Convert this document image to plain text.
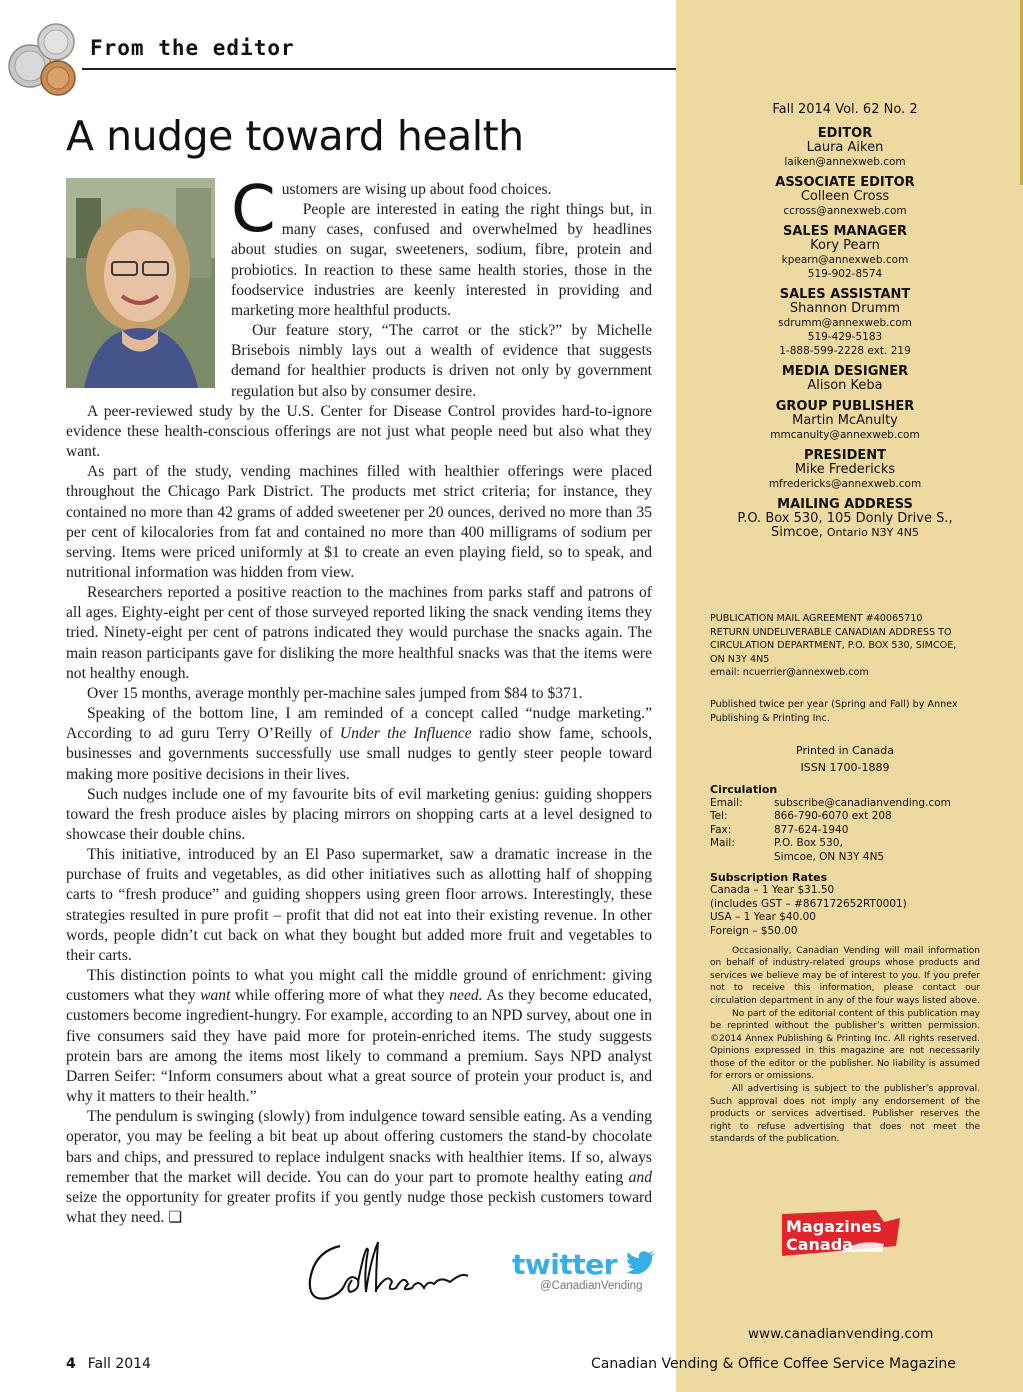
From the editor
A nudge toward health

Customers are wising up about food choices.

People are interested in eating the right things but, in many cases, confused and overwhelmed by headlines about studies on sugar, sweeteners, sodium, fibre, protein and probiotics. In reaction to these same health stories, those in the foodservice industries are keenly interested in providing and marketing more healthful products.

Our feature story, “The carrot or the stick?” by Michelle Brisebois nimbly lays out a wealth of evidence that suggests demand for healthier products is driven not only by government regulation but also by consumer desire.

A peer-reviewed study by the U.S. Center for Disease Control provides hard-to-ignore evidence these health-conscious offerings are not just what people need but also what they want.

As part of the study, vending machines filled with healthier offerings were placed throughout the Chicago Park District. The products met strict criteria; for instance, they contained no more than 42 grams of added sweetener per 20 ounces, derived no more than 35 per cent of kilocalories from fat and contained no more than 400 milligrams of sodium per serving. Items were priced uniformly at $1 to create an even playing field, so to speak, and nutritional information was hidden from view.

Researchers reported a positive reaction to the machines from parks staff and patrons of all ages. Eighty-eight per cent of those surveyed reported liking the snack vending items they tried. Ninety-eight per cent of patrons indicated they would purchase the snacks again. The main reason participants gave for disliking the more healthful snacks was that the items were not healthy enough.

Over 15 months, average monthly per-machine sales jumped from $84 to $371.

Speaking of the bottom line, I am reminded of a concept called “nudge marketing.” According to ad guru Terry O’Reilly of Under the Influence radio show fame, schools, businesses and governments successfully use small nudges to gently steer people toward making more positive decisions in their lives.

Such nudges include one of my favourite bits of evil marketing genius: guiding shoppers toward the fresh produce aisles by placing mirrors on shopping carts at a level designed to showcase their double chins.

This initiative, introduced by an El Paso supermarket, saw a dramatic increase in the purchase of fruits and vegetables, as did other initiatives such as allotting half of shopping carts to “fresh produce” and guiding shoppers using green floor arrows. Interestingly, these strategies resulted in pure profit – profit that did not eat into their existing revenue. In other words, people didn’t cut back on what they bought but added more fruit and vegetables to their carts.

This distinction points to what you might call the middle ground of enrichment: giving customers what they want while offering more of what they need. As they become educated, customers become ingredient-hungry. For example, according to an NPD survey, about one in five consumers said they have paid more for protein-enriched items. The study suggests protein bars are among the items most likely to command a premium. Says NPD analyst Darren Seifer: “Inform consumers about what a great source of protein your product is, and why it matters to their health.”

The pendulum is swinging (slowly) from indulgence toward sensible eating. As a vending operator, you may be feeling a bit beat up about offering customers the stand-by chocolate bars and chips, and pressured to replace indulgent snacks with healthier items. If so, always remember that the market will decide. You can do your part to promote healthy eating and seize the opportunity for greater profits if you gently nudge those peckish customers toward what they need. ❏

twitter
@CanadianVending
Fall 2014 Vol. 62 No. 2
EDITOR
Laura Aiken
laiken@annexweb.com
ASSOCIATE EDITOR
Colleen Cross
ccross@annexweb.com
SALES MANAGER
Kory Pearn
kpearn@annexweb.com
519-902-8574
SALES ASSISTANT
Shannon Drumm
sdrumm@annexweb.com
519-429-5183
1-888-599-2228 ext. 219
MEDIA DESIGNER
Alison Keba
GROUP PUBLISHER
Martin McAnulty
mmcanulty@annexweb.com
PRESIDENT
Mike Fredericks
mfredericks@annexweb.com
MAILING ADDRESS
P.O. Box 530, 105 Donly Drive S.,
Simcoe, Ontario N3Y 4N5
PUBLICATION MAIL AGREEMENT #40065710
RETURN UNDELIVERABLE CANADIAN ADDRESS TO
CIRCULATION DEPARTMENT, P.O. BOX 530, SIMCOE,
ON N3Y 4N5
email: ncuerrier@annexweb.com
Published twice per year (Spring and Fall) by Annex Publishing & Printing Inc.
Printed in Canada
ISSN 1700-1889
Circulation
Email:	subscribe@canadianvending.com
Tel:	866-790-6070 ext 208
Fax:	877-624-1940
Mail:	P.O. Box 530,
Simcoe, ON N3Y 4N5
Subscription Rates
Canada – 1 Year $31.50
(includes GST – #867172652RT0001)
USA – 1 Year $40.00
Foreign – $50.00

Occasionally, Canadian Vending will mail information on behalf of industry-related groups whose products and services we believe may be of interest to you. If you prefer not to receive this information, please contact our circulation department in any of the four ways listed above.

No part of the editorial content of this publication may be reprinted without the publisher’s written permission. ©2014 Annex Publishing & Printing Inc. All rights reserved. Opinions expressed in this magazine are not necessarily those of the editor or the publisher. No liability is assumed for errors or omissions.

All advertising is subject to the publisher’s approval. Such approval does not imply any endorsement of the products or services advertised. Publisher reserves the right to refuse advertising that does not meet the standards of the publication.

Magazines
Canada
www.canadianvending.com
4 Fall 2014	Canadian Vending & Office Coffee Service Magazine
